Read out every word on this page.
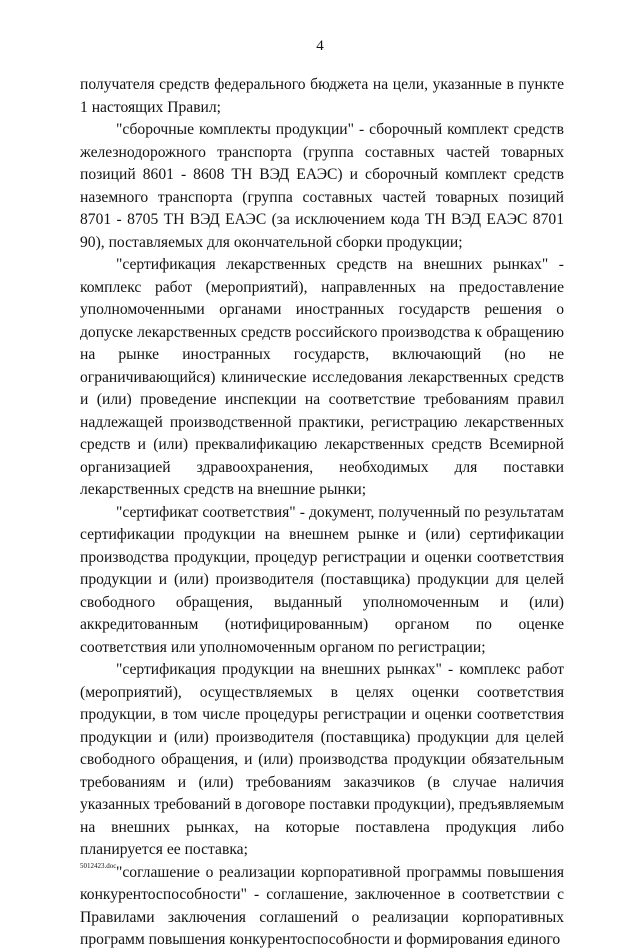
4

получателя средств федерального бюджета на цели, указанные в пункте 1 настоящих Правил;

"сборочные комплекты продукции" - сборочный комплект средств железнодорожного транспорта (группа составных частей товарных позиций 8601 - 8608 ТН ВЭД ЕАЭС) и сборочный комплект средств наземного транспорта (группа составных частей товарных позиций 8701 - 8705 ТН ВЭД ЕАЭС (за исключением кода ТН ВЭД ЕАЭС 8701 90), поставляемых для окончательной сборки продукции;

"сертификация лекарственных средств на внешних рынках" - комплекс работ (мероприятий), направленных на предоставление уполномоченными органами иностранных государств решения о допуске лекарственных средств российского производства к обращению на рынке иностранных государств, включающий (но не ограничивающийся) клинические исследования лекарственных средств и (или) проведение инспекции на соответствие требованиям правил надлежащей производственной практики, регистрацию лекарственных средств и (или) преквалификацию лекарственных средств Всемирной организацией здравоохранения, необходимых для поставки лекарственных средств на внешние рынки;

"сертификат соответствия" - документ, полученный по результатам сертификации продукции на внешнем рынке и (или) сертификации производства продукции, процедур регистрации и оценки соответствия продукции и (или) производителя (поставщика) продукции для целей свободного обращения, выданный уполномоченным и (или) аккредитованным (нотифицированным) органом по оценке соответствия или уполномоченным органом по регистрации;

"сертификация продукции на внешних рынках" - комплекс работ (мероприятий), осуществляемых в целях оценки соответствия продукции, в том числе процедуры регистрации и оценки соответствия продукции и (или) производителя (поставщика) продукции для целей свободного обращения, и (или) производства продукции обязательным требованиям и (или) требованиям заказчиков (в случае наличия указанных требований в договоре поставки продукции), предъявляемым на внешних рынках, на которые поставлена продукция либо планируется ее поставка;

"соглашение о реализации корпоративной программы повышения конкурентоспособности" - соглашение, заключенное в соответствии с Правилами заключения соглашений о реализации корпоративных программ повышения конкурентоспособности и формирования единого

5012423.doc
